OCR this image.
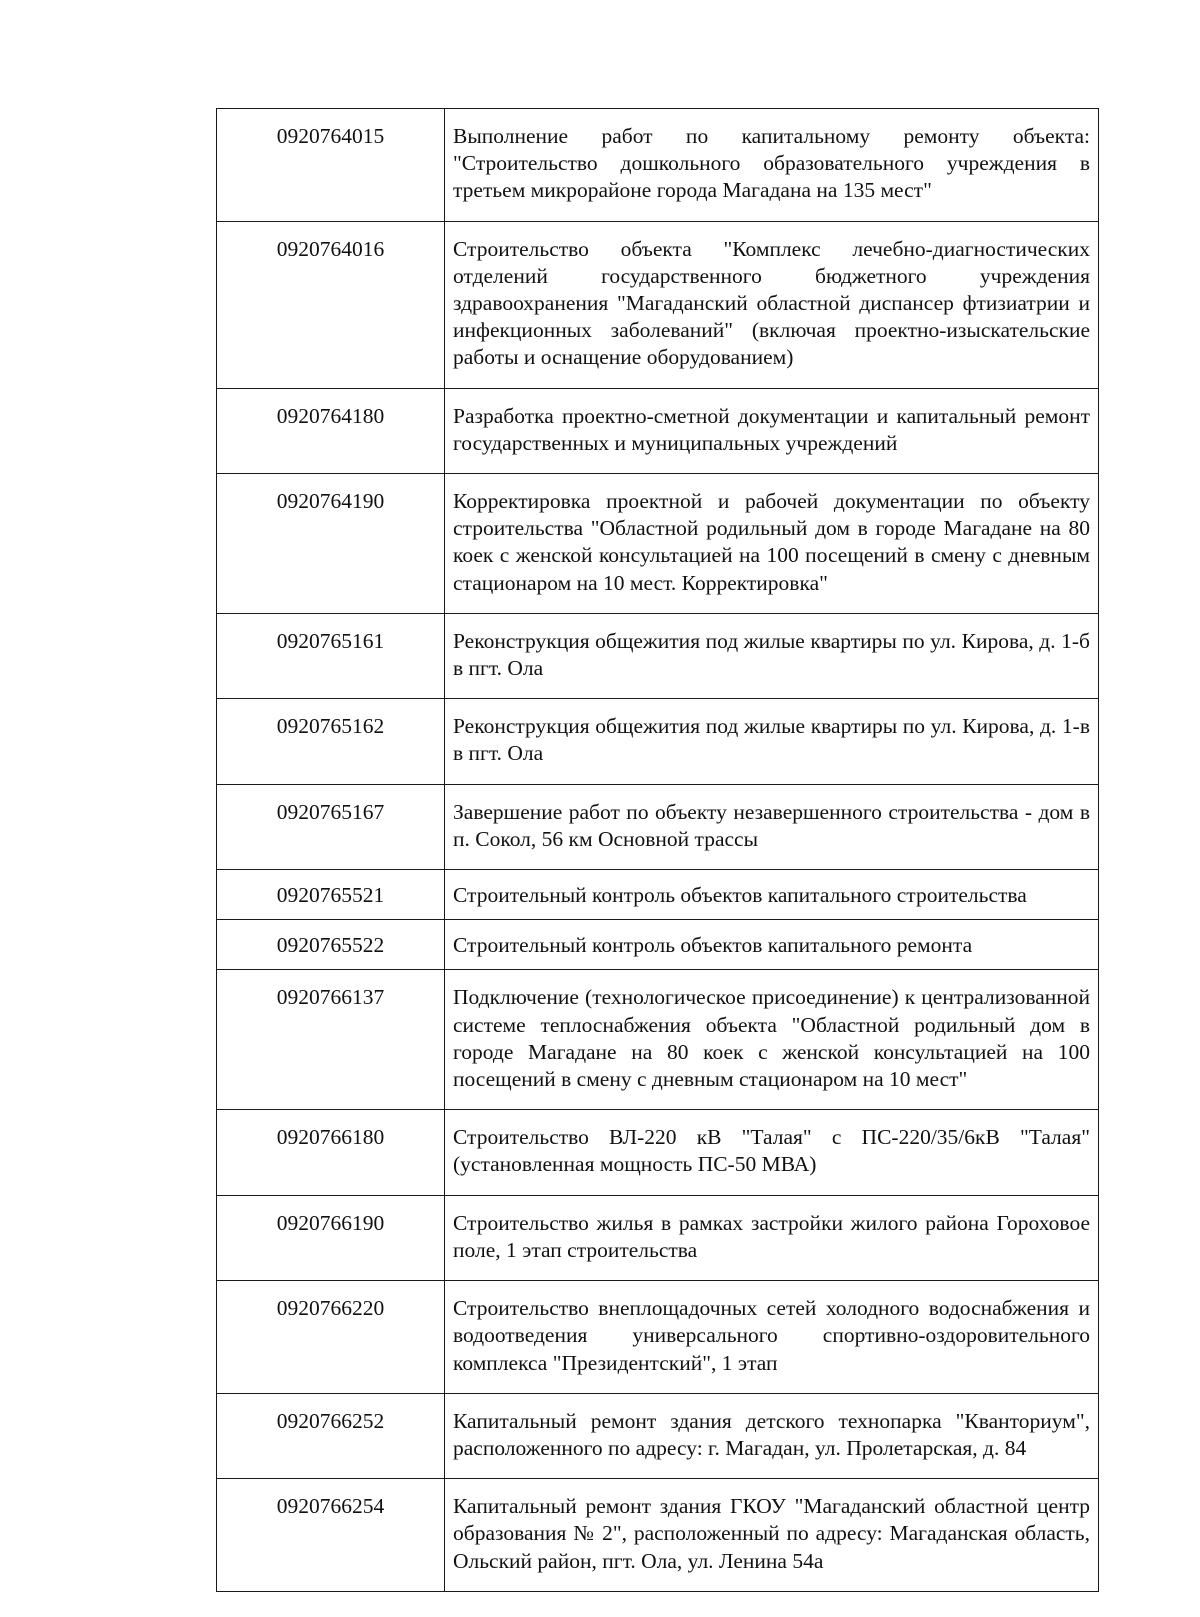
0920764015	Выполнение работ по капитальному ремонту объекта: "Строительство дошкольного образовательного учреждения в третьем микрорайоне города Магадана на 135 мест"
0920764016	Строительство объекта "Комплекс лечебно-диагностических отделений государственного бюджетного учреждения здравоохранения "Магаданский областной диспансер фтизиатрии и инфекционных заболеваний" (включая проектно-изыскательские работы и оснащение оборудованием)
0920764180	Разработка проектно-сметной документации и капитальный ремонт государственных и муниципальных учреждений
0920764190	Корректировка проектной и рабочей документации по объекту строительства "Областной родильный дом в городе Магадане на 80 коек с женской консультацией на 100 посещений в смену с дневным стационаром на 10 мест. Корректировка"
0920765161	Реконструкция общежития под жилые квартиры по ул. Кирова, д. 1-б в пгт. Ола
0920765162	Реконструкция общежития под жилые квартиры по ул. Кирова, д. 1-в в пгт. Ола
0920765167	Завершение работ по объекту незавершенного строительства - дом в п. Сокол, 56 км Основной трассы
0920765521	Строительный контроль объектов капитального строительства
0920765522	Строительный контроль объектов капитального ремонта
0920766137	Подключение (технологическое присоединение) к централизованной системе теплоснабжения объекта "Областной родильный дом в городе Магадане на 80 коек с женской консультацией на 100 посещений в смену с дневным стационаром на 10 мест"
0920766180	Строительство ВЛ-220 кВ "Талая" с ПС-220/35/6кВ "Талая" (установленная мощность ПС-50 МВА)
0920766190	Строительство жилья в рамках застройки жилого района Гороховое поле, 1 этап строительства
0920766220	Строительство внеплощадочных сетей холодного водоснабжения и водоотведения универсального спортивно-оздоровительного комплекса "Президентский", 1 этап
0920766252	Капитальный ремонт здания детского технопарка "Кванториум", расположенного по адресу: г. Магадан, ул. Пролетарская, д. 84
0920766254	Капитальный ремонт здания ГКОУ "Магаданский областной центр образования № 2", расположенный по адресу: Магаданская область, Ольский район, пгт. Ола, ул. Ленина 54а
